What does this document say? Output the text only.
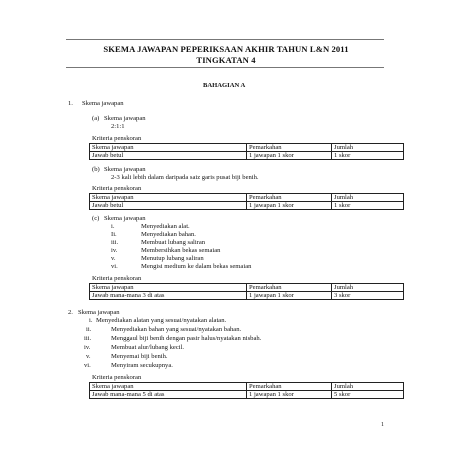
SKEMA JAWAPAN PEPERIKSAAN AKHIR TAHUN L&N 2011
TINGKATAN 4
BAHAGIAN A
1. Skema jawapan
(a) Skema jawapan
2:1:1
Kriteria penskoran
Skema jawapan	Pemarkahan	Jumlah
Jawab betul	1 jawapan 1 skor	1 skor
(b) Skema jawapan
2-3 kali lebih dalam daripada saiz garis pusat biji benih.
Kriteria penskoran
Skema jawapan	Pemarkahan	Jumlah
Jawab betul	1 jawapan 1 skor	1 skor
(c) Skema jawapan
i.	Menyediakan alat.
Ii.	Menyediakan bahan.
iii.	Membuat lubang saliran
iv.	Membersihkan bekas semaian
v.	Menutup lubang saliran
vi.	Mengisi medium ke dalam bekas semaian
Kriteria penskoran
Skema jawapan	Pemarkahan	Jumlah
Jawab mana-mana 3 di atas	1 jawapan 1 skor	3 skor
2. Skema jawapan
i. Menyediakan alatan yang sesuai/nyatakan alatan.
ii.	Menyediakan bahan yang sesuai/nyatakan bahan.
iii.	Menggaul biji benih dengan pasir halus/nyatakan nisbah.
iv.	Membuat alur/lubang kecil.
v.	Menyemai biji benih.
vi.	Menyiram secukupnya.
Kriteria penskoran
Skema jawapan	Pemarkahan	Jumlah
Jawab mana-mana 5 di atas	1 jawapan 1 skor	5 skor
1
